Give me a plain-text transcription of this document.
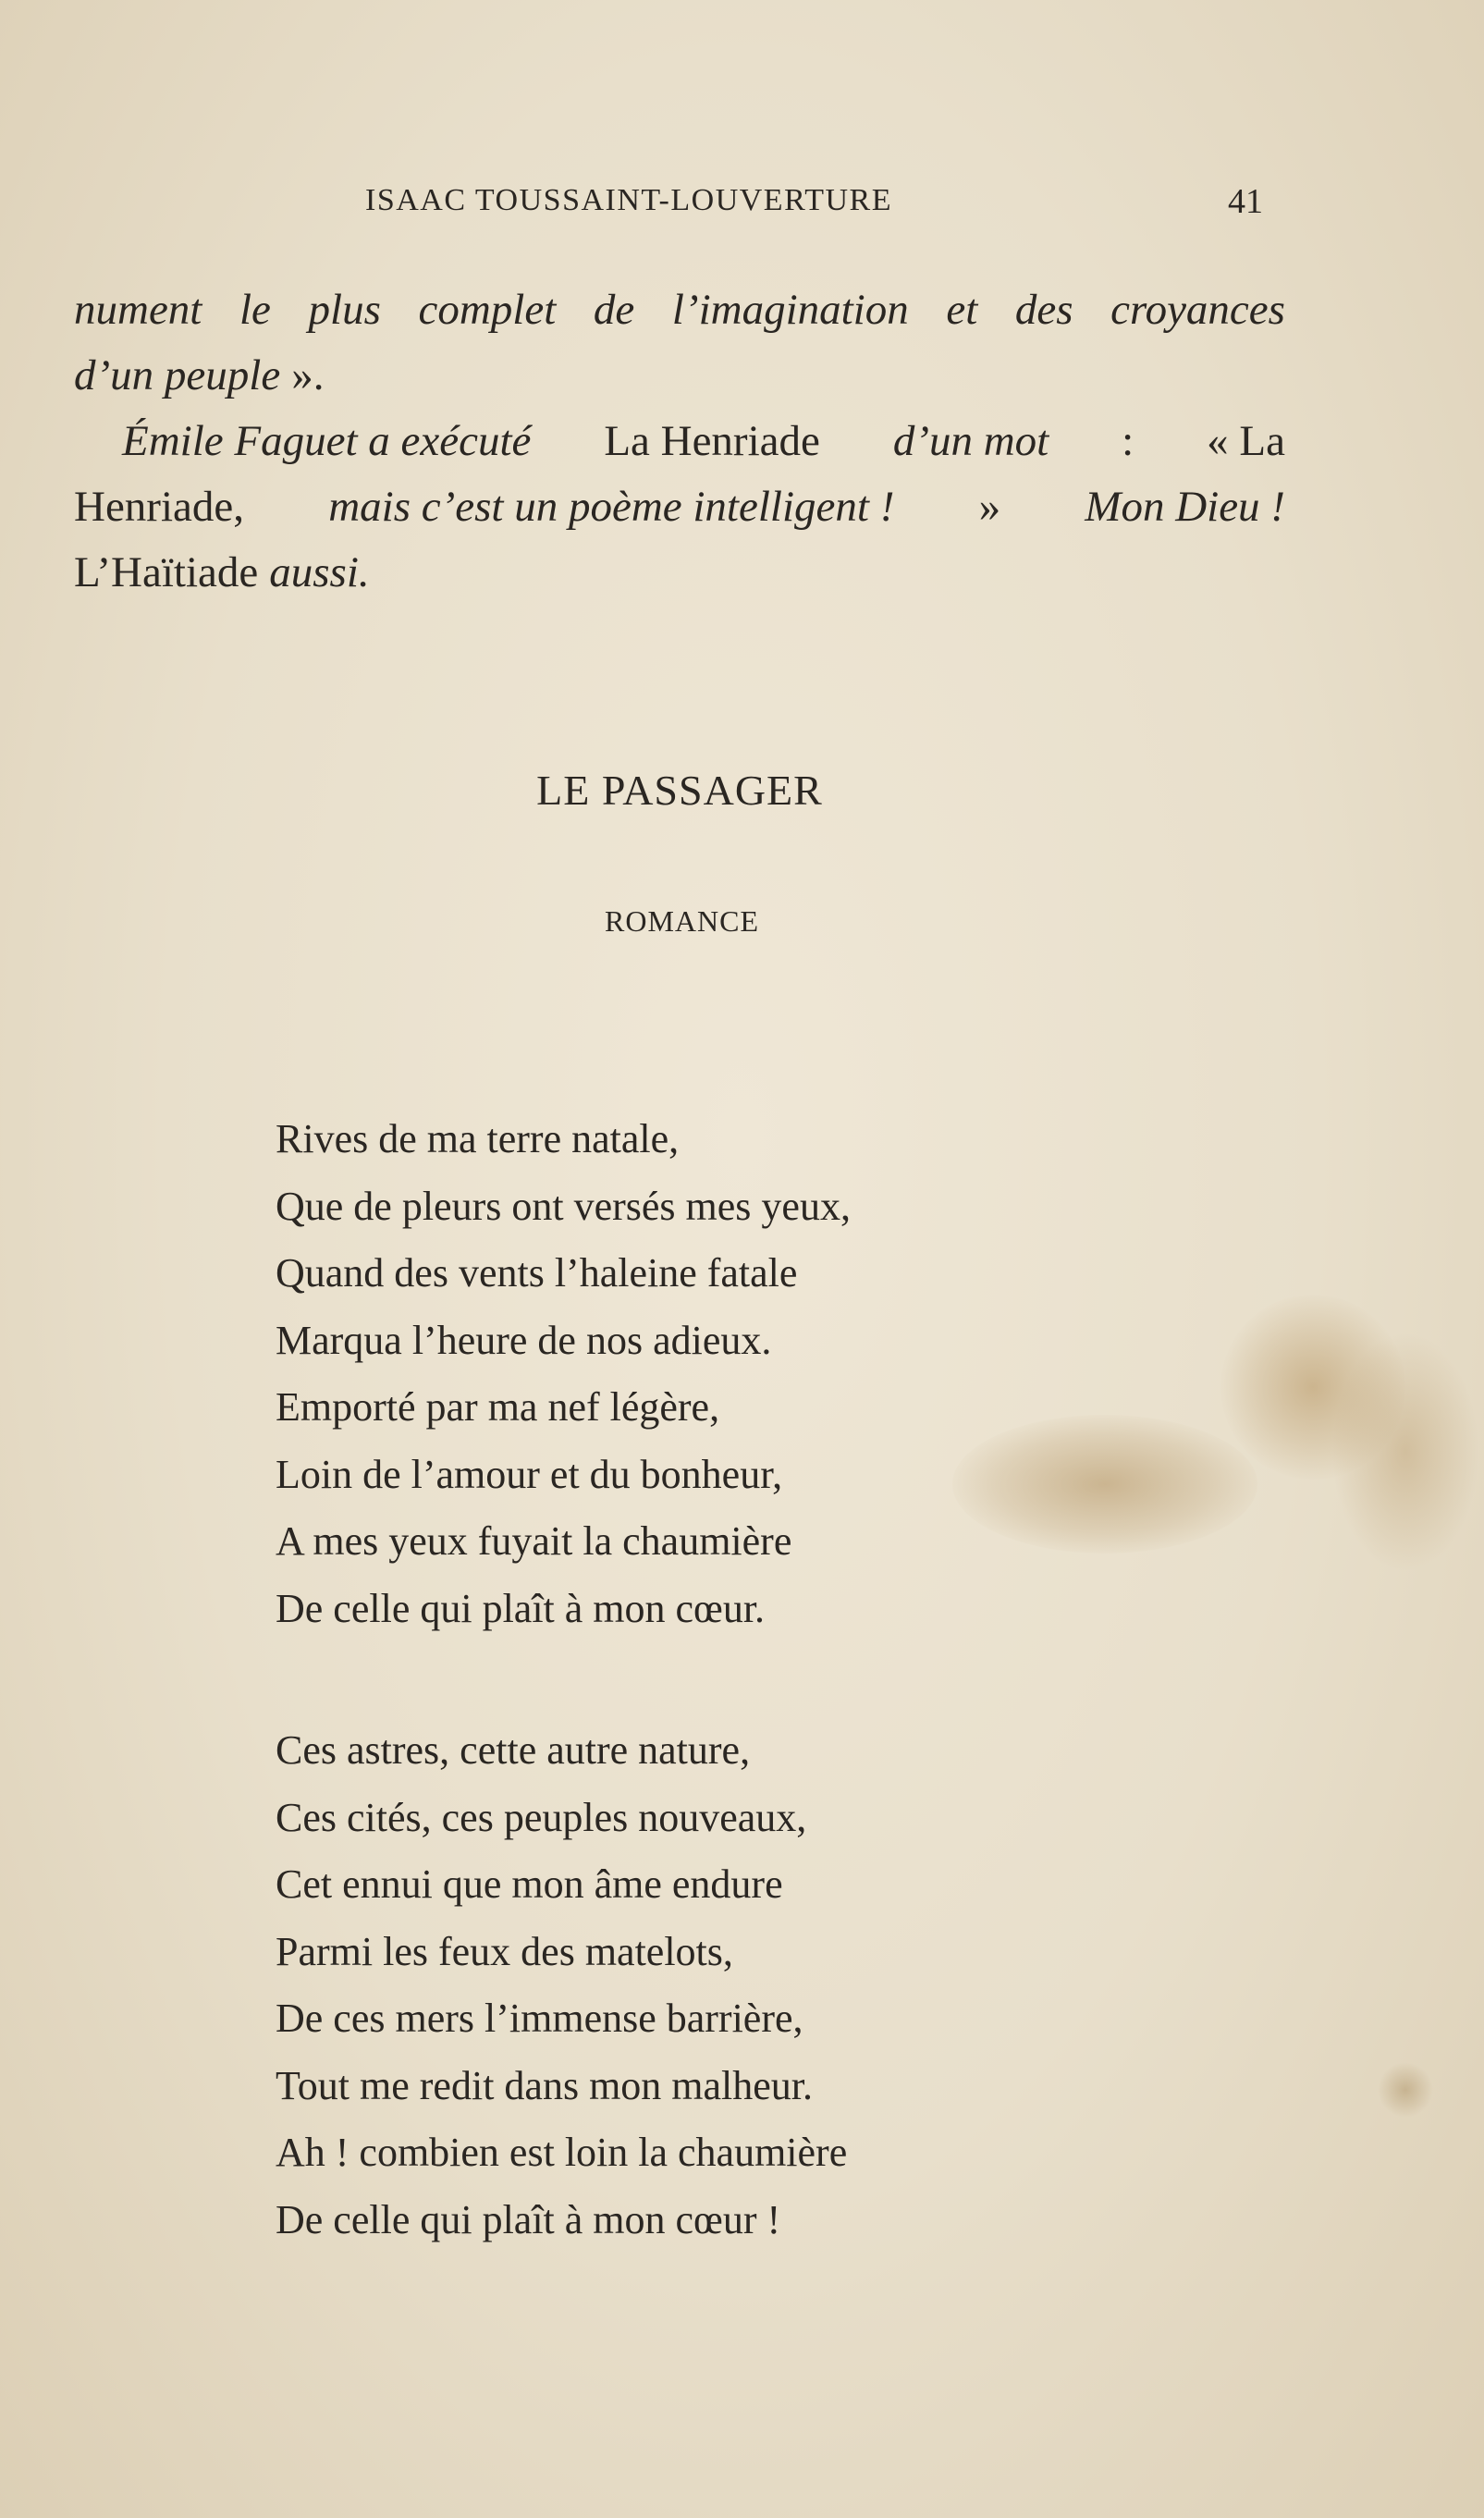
ISAAC TOUSSAINT-LOUVERTURE	41
nument le plus complet de l’imagination et des croyances
d’un peuple ».
Émile Faguet a exécuté La Henriade d’un mot : « La
Henriade, mais c’est un poème intelligent ! » Mon Dieu !
L’Haïtiade aussi.
LE PASSAGER
ROMANCE
Rives de ma terre natale,
Que de pleurs ont versés mes yeux,
Quand des vents l’haleine fatale
Marqua l’heure de nos adieux.
Emporté par ma nef légère,
Loin de l’amour et du bonheur,
A mes yeux fuyait la chaumière
De celle qui plaît à mon cœur.
Ces astres, cette autre nature,
Ces cités, ces peuples nouveaux,
Cet ennui que mon âme endure
Parmi les feux des matelots,
De ces mers l’immense barrière,
Tout me redit dans mon malheur.
Ah ! combien est loin la chaumière
De celle qui plaît à mon cœur !
